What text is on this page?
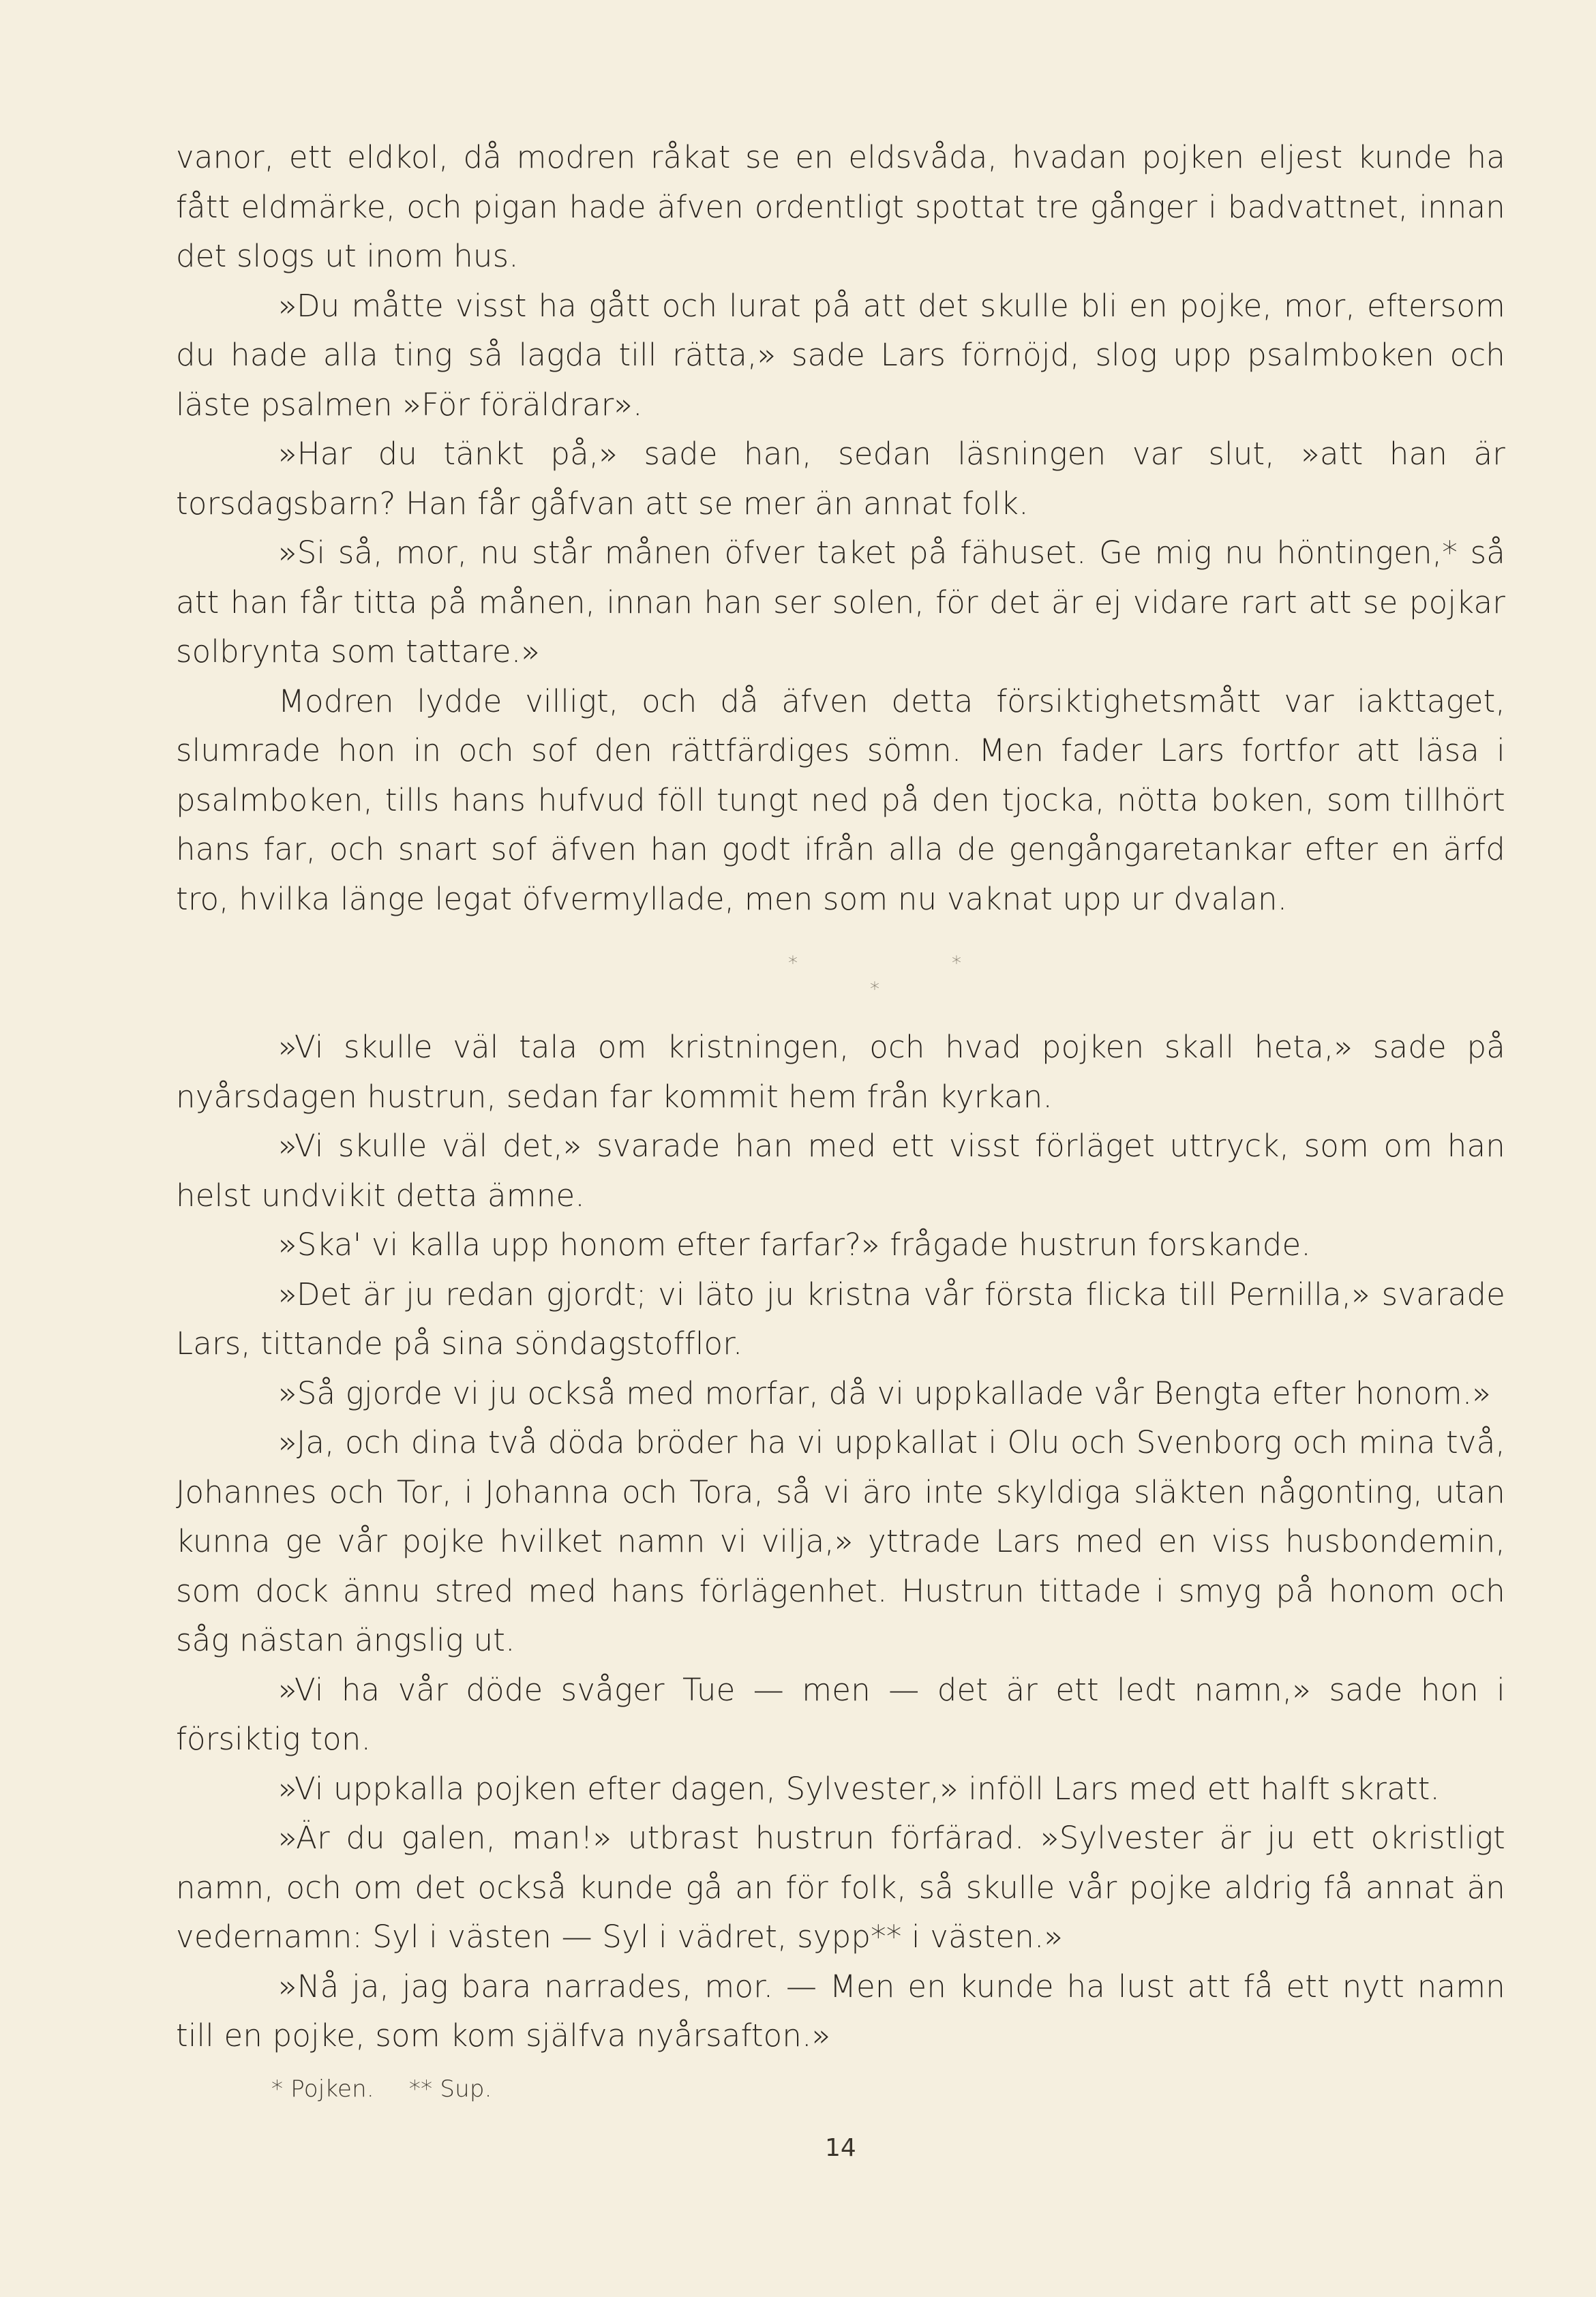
vanor, ett eldkol, då modren råkat se en eldsvåda, hvadan pojken eljest kunde ha fått eldmärke, och pigan hade äfven ordentligt spottat tre gånger i badvattnet, innan det slogs ut inom hus.

»Du måtte visst ha gått och lurat på att det skulle bli en pojke, mor, eftersom du hade alla ting så lagda till rätta,» sade Lars förnöjd, slog upp psalmboken och läste psalmen »För föräldrar».

»Har du tänkt på,» sade han, sedan läsningen var slut, »att han är torsdagsbarn? Han får gåfvan att se mer än annat folk.

»Si så, mor, nu står månen öfver taket på fähuset. Ge mig nu höntingen,* så att han får titta på månen, innan han ser solen, för det är ej vidare rart att se pojkar solbrynta som tattare.»

Modren lydde villigt, och då äfven detta försiktighetsmått var iakttaget, slumrade hon in och sof den rättfärdiges sömn. Men fader Lars fortfor att läsa i psalmboken, tills hans hufvud föll tungt ned på den tjocka, nötta boken, som tillhört hans far, och snart sof äfven han godt ifrån alla de gengångaretankar efter en ärfd tro, hvilka länge legat öfvermyllade, men som nu vaknat upp ur dvalan.

*	*
*

»Vi skulle väl tala om kristningen, och hvad pojken skall heta,» sade på nyårsdagen hustrun, sedan far kommit hem från kyrkan.

»Vi skulle väl det,» svarade han med ett visst förläget uttryck, som om han helst undvikit detta ämne.

»Ska' vi kalla upp honom efter farfar?» frågade hustrun forskande.

»Det är ju redan gjordt; vi läto ju kristna vår första flicka till Pernilla,» svarade Lars, tittande på sina söndagstofflor.

»Så gjorde vi ju också med morfar, då vi uppkallade vår Bengta efter honom.»

»Ja, och dina två döda bröder ha vi uppkallat i Olu och Svenborg och mina två, Johannes och Tor, i Johanna och Tora, så vi äro inte skyldiga släkten någonting, utan kunna ge vår pojke hvilket namn vi vilja,» yttrade Lars med en viss husbondemin, som dock ännu stred med hans förlägenhet. Hustrun tittade i smyg på honom och såg nästan ängslig ut.

»Vi ha vår döde svåger Tue — men — det är ett ledt namn,» sade hon i försiktig ton.

»Vi uppkalla pojken efter dagen, Sylvester,» inföll Lars med ett halft skratt.

»Är du galen, man!» utbrast hustrun förfärad. »Sylvester är ju ett okristligt namn, och om det också kunde gå an för folk, så skulle vår pojke aldrig få annat än vedernamn: Syl i västen — Syl i vädret, sypp** i västen.»

»Nå ja, jag bara narrades, mor. — Men en kunde ha lust att få ett nytt namn till en pojke, som kom själfva nyårsafton.»

* Pojken. ** Sup.
14
